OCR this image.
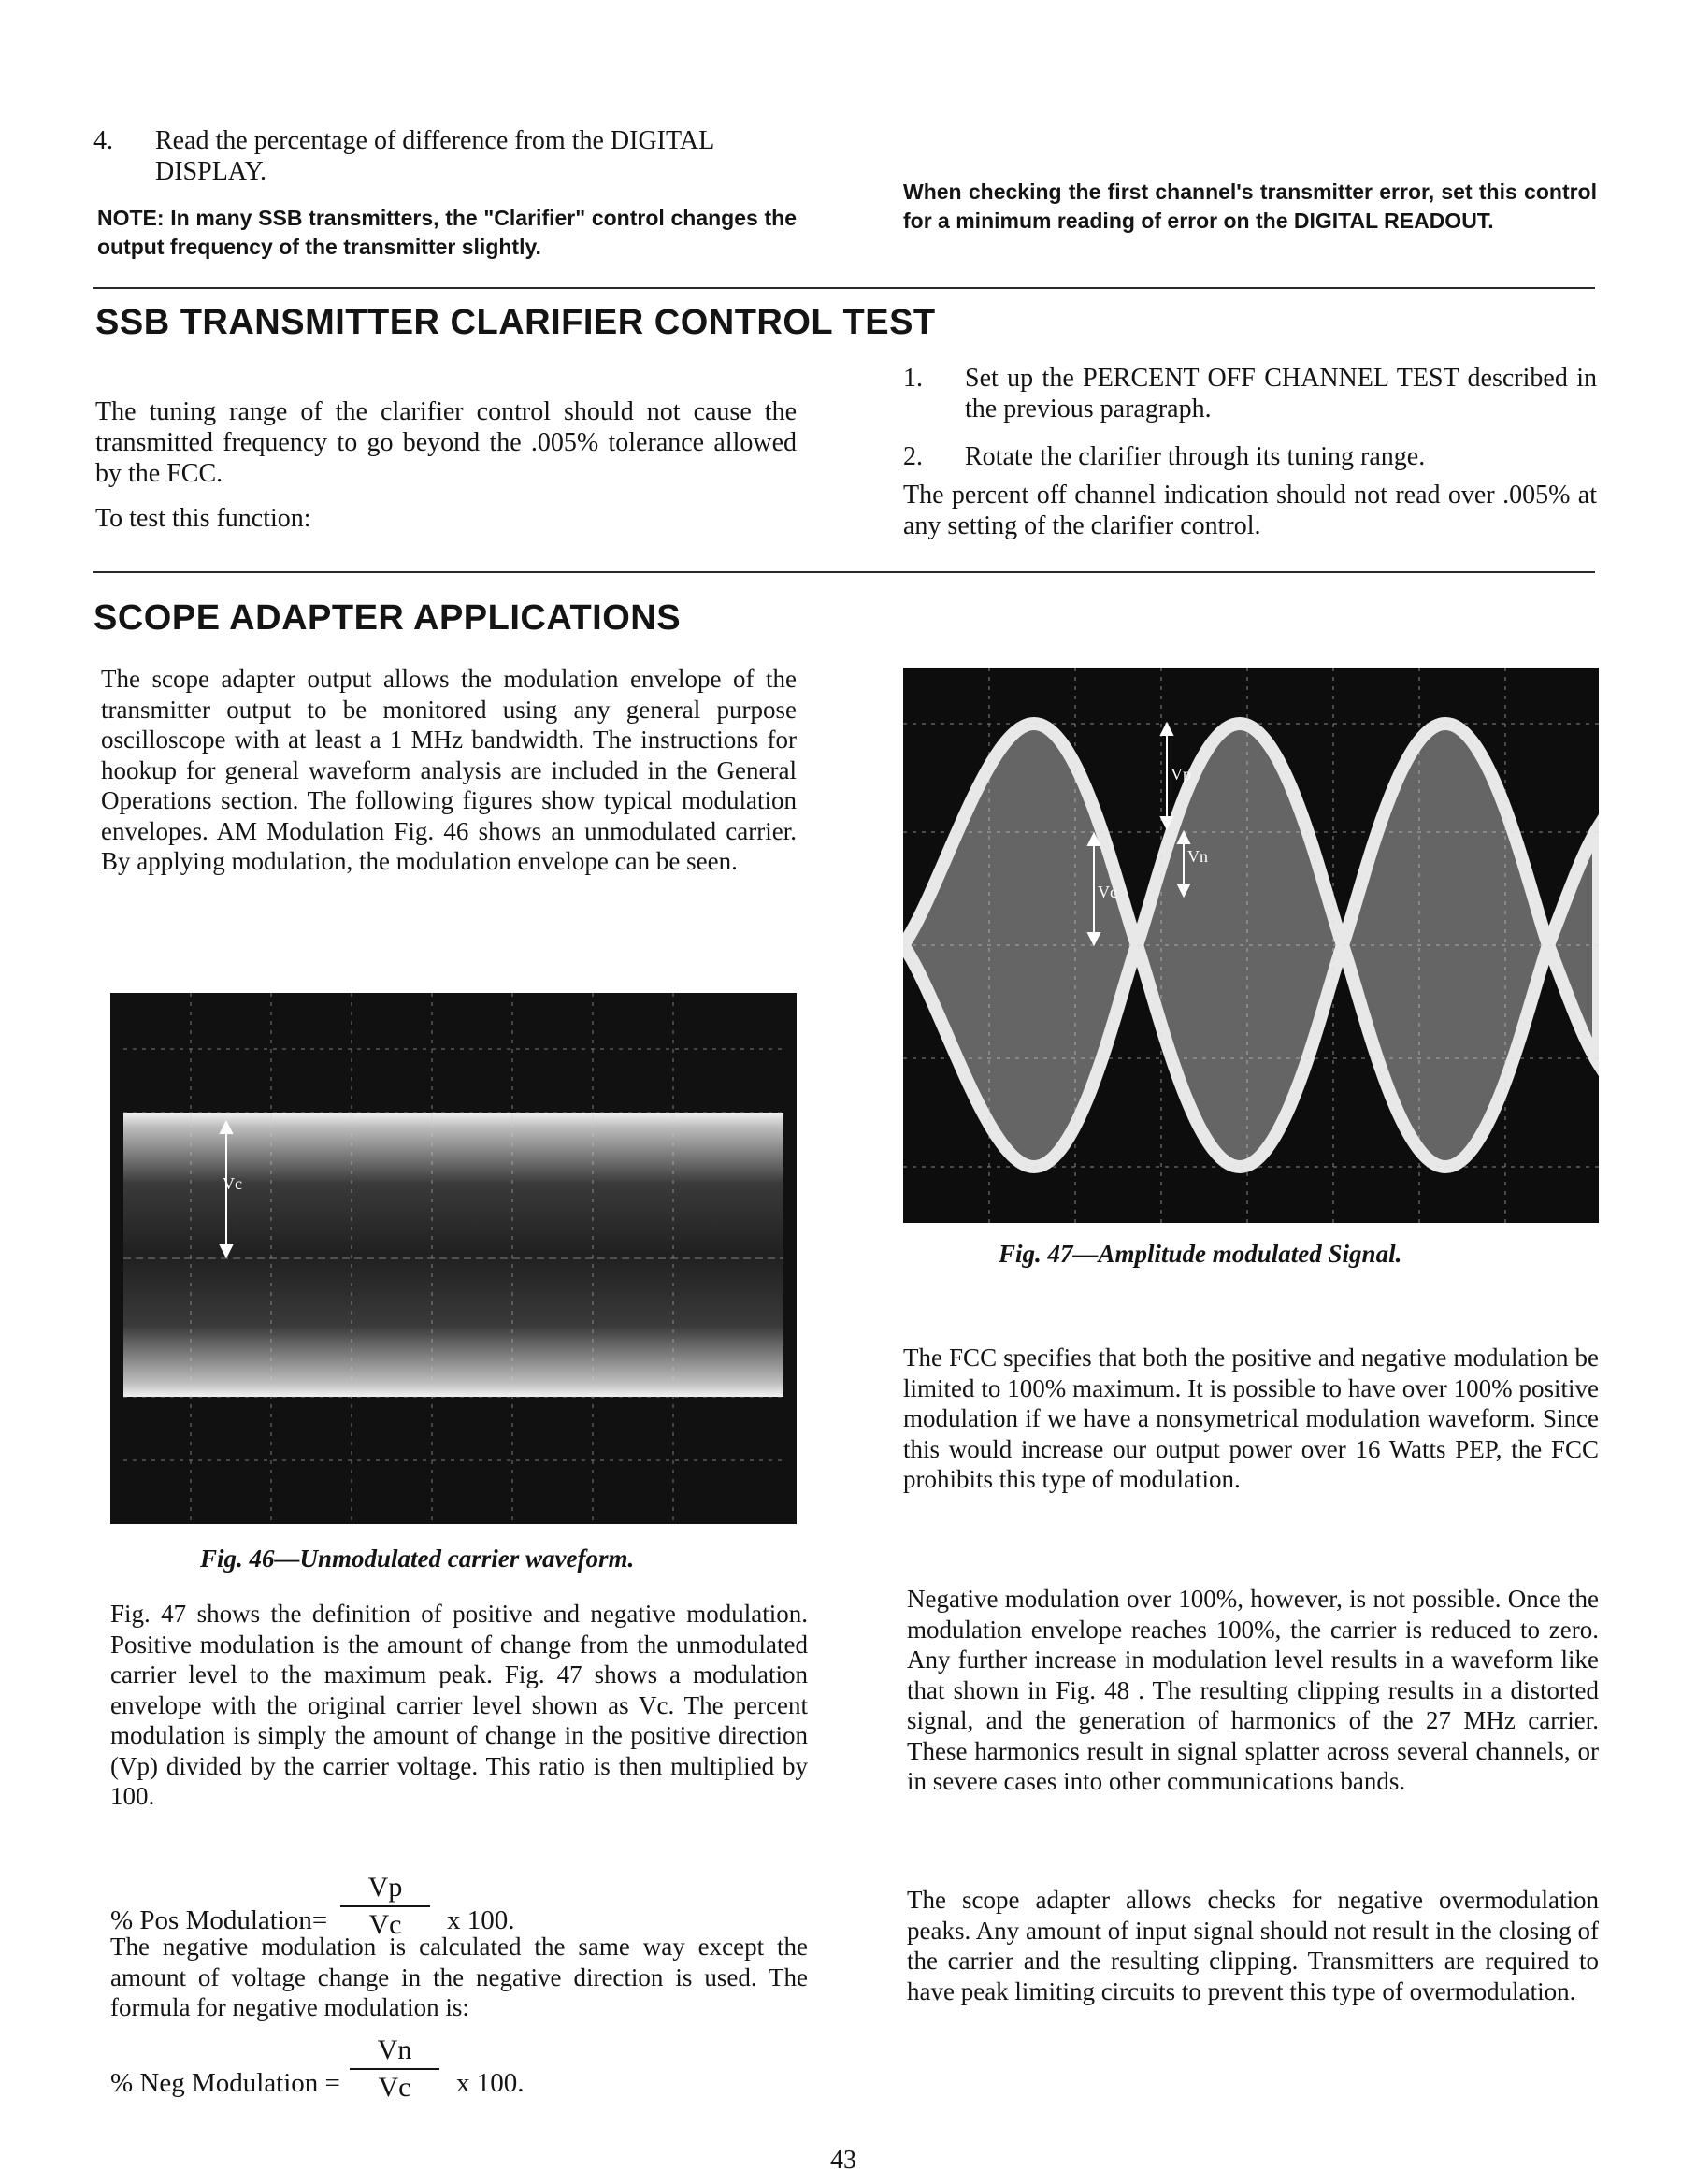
4.	Read the percentage of difference from the DIGITAL DISPLAY.
NOTE: In many SSB transmitters, the "Clarifier" control changes the output frequency of the transmitter slightly.
When checking the first channel's transmitter error, set this control for a minimum reading of error on the DIGITAL READOUT.
SSB TRANSMITTER CLARIFIER CONTROL TEST
The tuning range of the clarifier control should not cause the transmitted frequency to go beyond the .005% tolerance allowed by the FCC.
To test this function:
1.	Set up the PERCENT OFF CHANNEL TEST described in the previous paragraph.
2.	Rotate the clarifier through its tuning range.
The percent off channel indication should not read over .005% at any setting of the clarifier control.
SCOPE ADAPTER APPLICATIONS
The scope adapter output allows the modulation envelope of the transmitter output to be monitored using any general purpose oscilloscope with at least a 1 MHz bandwidth. The instructions for hookup for general waveform analysis are included in the General Operations section. The following figures show typical modulation envelopes. AM Modulation Fig. 46 shows an unmodulated carrier. By applying modulation, the modulation envelope can be seen.
Vc
Fig. 46—Unmodulated carrier waveform.
Vp
Vn
Vc
Fig. 47—Amplitude modulated Signal.
Fig. 47 shows the definition of positive and negative modulation. Positive modulation is the amount of change from the unmodulated carrier level to the maximum peak. Fig. 47 shows a modulation envelope with the original carrier level shown as Vc. The percent modulation is simply the amount of change in the positive direction (Vp) divided by the carrier voltage. This ratio is then multiplied by 100.
% Pos Modulation=
Vp
Vc	x 100.
The negative modulation is calculated the same way except the amount of voltage change in the negative direction is used. The formula for negative modulation is:
% Neg Modulation =
Vn
Vc	x 100.
The FCC specifies that both the positive and negative modulation be limited to 100% maximum. It is possible to have over 100% positive modulation if we have a nonsymetrical modulation waveform. Since this would increase our output power over 16 Watts PEP, the FCC prohibits this type of modulation.
Negative modulation over 100%, however, is not possible. Once the modulation envelope reaches 100%, the carrier is reduced to zero. Any further increase in modulation level results in a waveform like that shown in Fig. 48 . The resulting clipping results in a distorted signal, and the generation of harmonics of the 27 MHz carrier. These harmonics result in signal splatter across several channels, or in severe cases into other communications bands.
The scope adapter allows checks for negative overmodulation peaks. Any amount of input signal should not result in the closing of the carrier and the resulting clipping. Transmitters are required to have peak limiting circuits to prevent this type of overmodulation.
43
